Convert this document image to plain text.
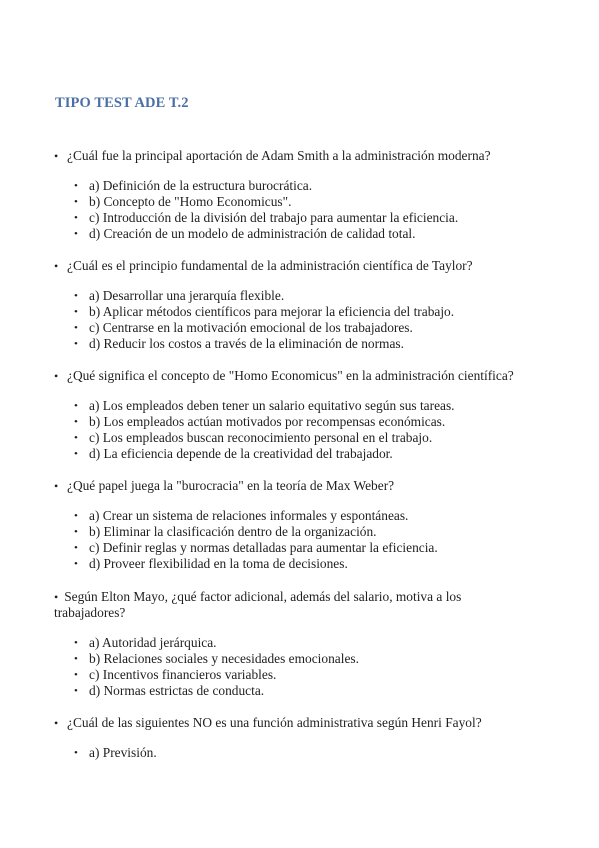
TIPO TEST ADE T.2
• ¿Cuál fue la principal aportación de Adam Smith a la administración moderna?
• a) Definición de la estructura burocrática.
• b) Concepto de "Homo Economicus".
• c) Introducción de la división del trabajo para aumentar la eficiencia.
• d) Creación de un modelo de administración de calidad total.
• ¿Cuál es el principio fundamental de la administración científica de Taylor?
• a) Desarrollar una jerarquía flexible.
• b) Aplicar métodos científicos para mejorar la eficiencia del trabajo.
• c) Centrarse en la motivación emocional de los trabajadores.
• d) Reducir los costos a través de la eliminación de normas.
• ¿Qué significa el concepto de "Homo Economicus" en la administración científica?
• a) Los empleados deben tener un salario equitativo según sus tareas.
• b) Los empleados actúan motivados por recompensas económicas.
• c) Los empleados buscan reconocimiento personal en el trabajo.
• d) La eficiencia depende de la creatividad del trabajador.
• ¿Qué papel juega la "burocracia" en la teoría de Max Weber?
• a) Crear un sistema de relaciones informales y espontáneas.
• b) Eliminar la clasificación dentro de la organización.
• c) Definir reglas y normas detalladas para aumentar la eficiencia.
• d) Proveer flexibilidad en la toma de decisiones.
• Según Elton Mayo, ¿qué factor adicional, además del salario, motiva a los trabajadores?
• a) Autoridad jerárquica.
• b) Relaciones sociales y necesidades emocionales.
• c) Incentivos financieros variables.
• d) Normas estrictas de conducta.
• ¿Cuál de las siguientes NO es una función administrativa según Henri Fayol?
• a) Previsión.
